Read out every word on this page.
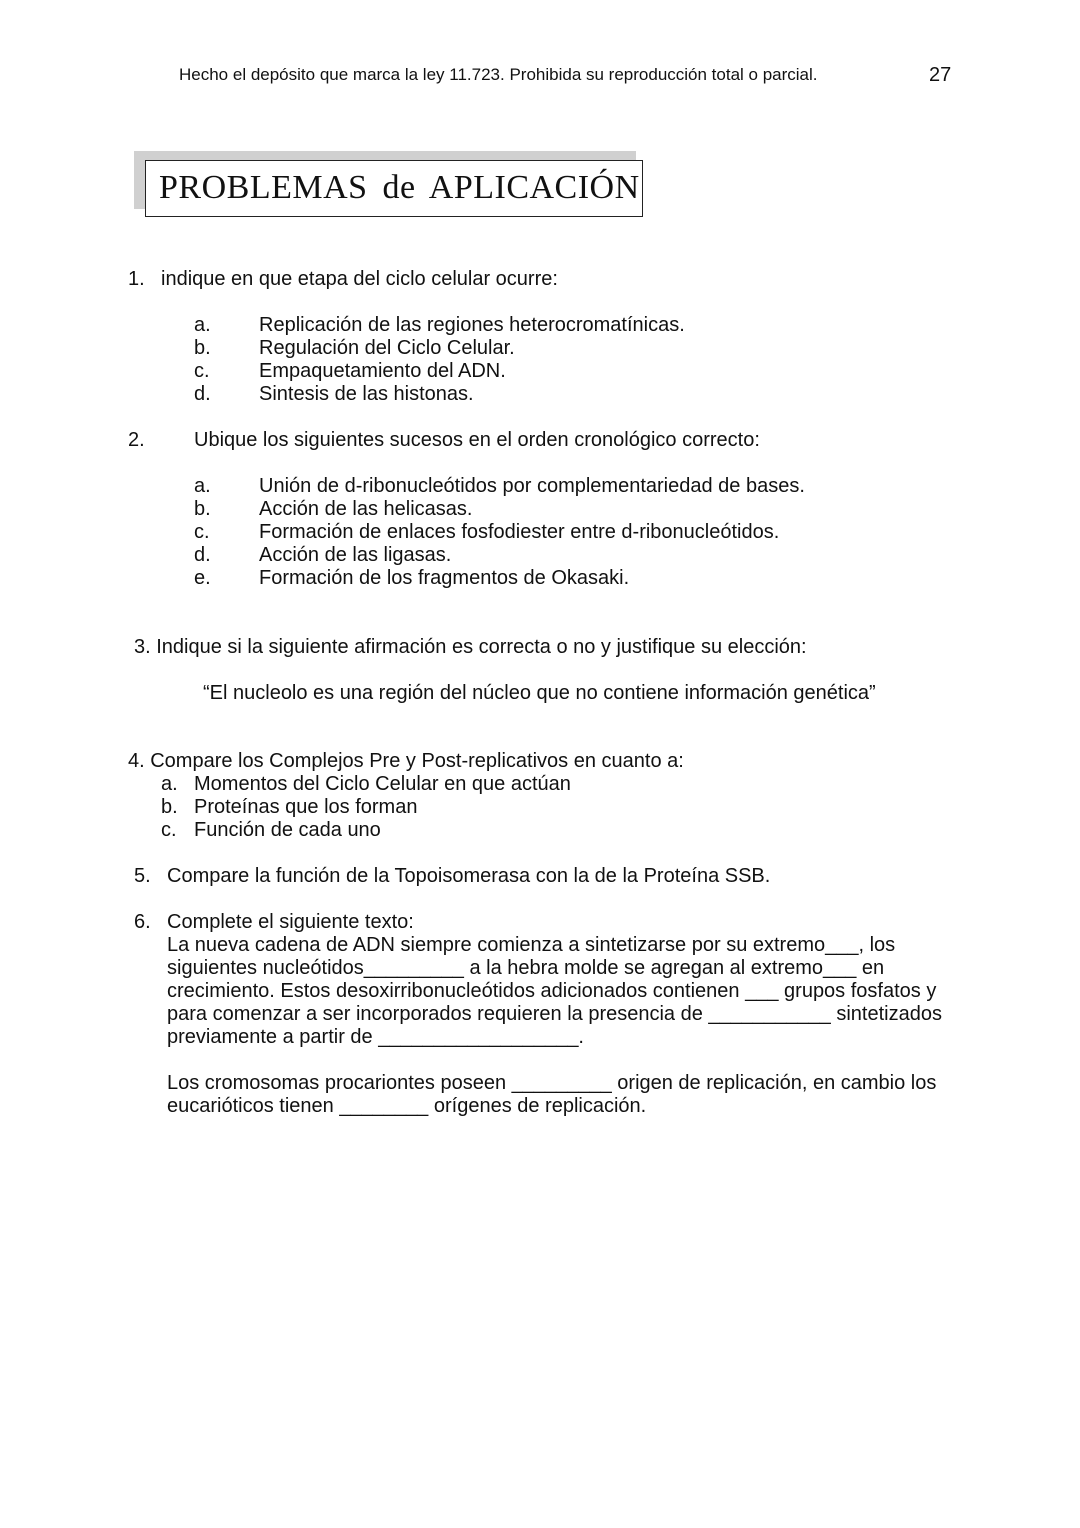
Hecho el depósito que marca la ley 11.723. Prohibida su reproducción total o parcial.	27
PROBLEMAS de APLICACIÓN
1. indique en que etapa del ciclo celular ocurre:
a. Replicación de las regiones heterocromatínicas.
b. Regulación del Ciclo Celular.
c. Empaquetamiento del ADN.
d. Sintesis de las histonas.
2. Ubique los siguientes sucesos en el orden cronológico correcto:
a. Unión de d-ribonucleótidos por complementariedad de bases.
b. Acción de las helicasas.
c. Formación de enlaces fosfodiester entre d-ribonucleótidos.
d. Acción de las ligasas.
e. Formación de los fragmentos de Okasaki.
3. Indique si la siguiente afirmación es correcta o no y justifique su elección:
“El nucleolo es una región del núcleo que no contiene información genética”
4. Compare los Complejos Pre y Post-replicativos en cuanto a:
a. Momentos del Ciclo Celular en que actúan
b. Proteínas que los forman
c. Función de cada uno
5. Compare la función de la Topoisomerasa con la de la Proteína SSB.
6. Complete el siguiente texto:
La nueva cadena de ADN siempre comienza a sintetizarse por su extremo___, los
siguientes nucleótidos_________ a la hebra molde se agregan al extremo___ en
crecimiento. Estos desoxirribonucleótidos adicionados contienen ___ grupos fosfatos y
para comenzar a ser incorporados requieren la presencia de ___________ sintetizados
previamente a partir de __________________.
Los cromosomas procariontes poseen _________ origen de replicación, en cambio los
eucarióticos tienen ________ orígenes de replicación.
